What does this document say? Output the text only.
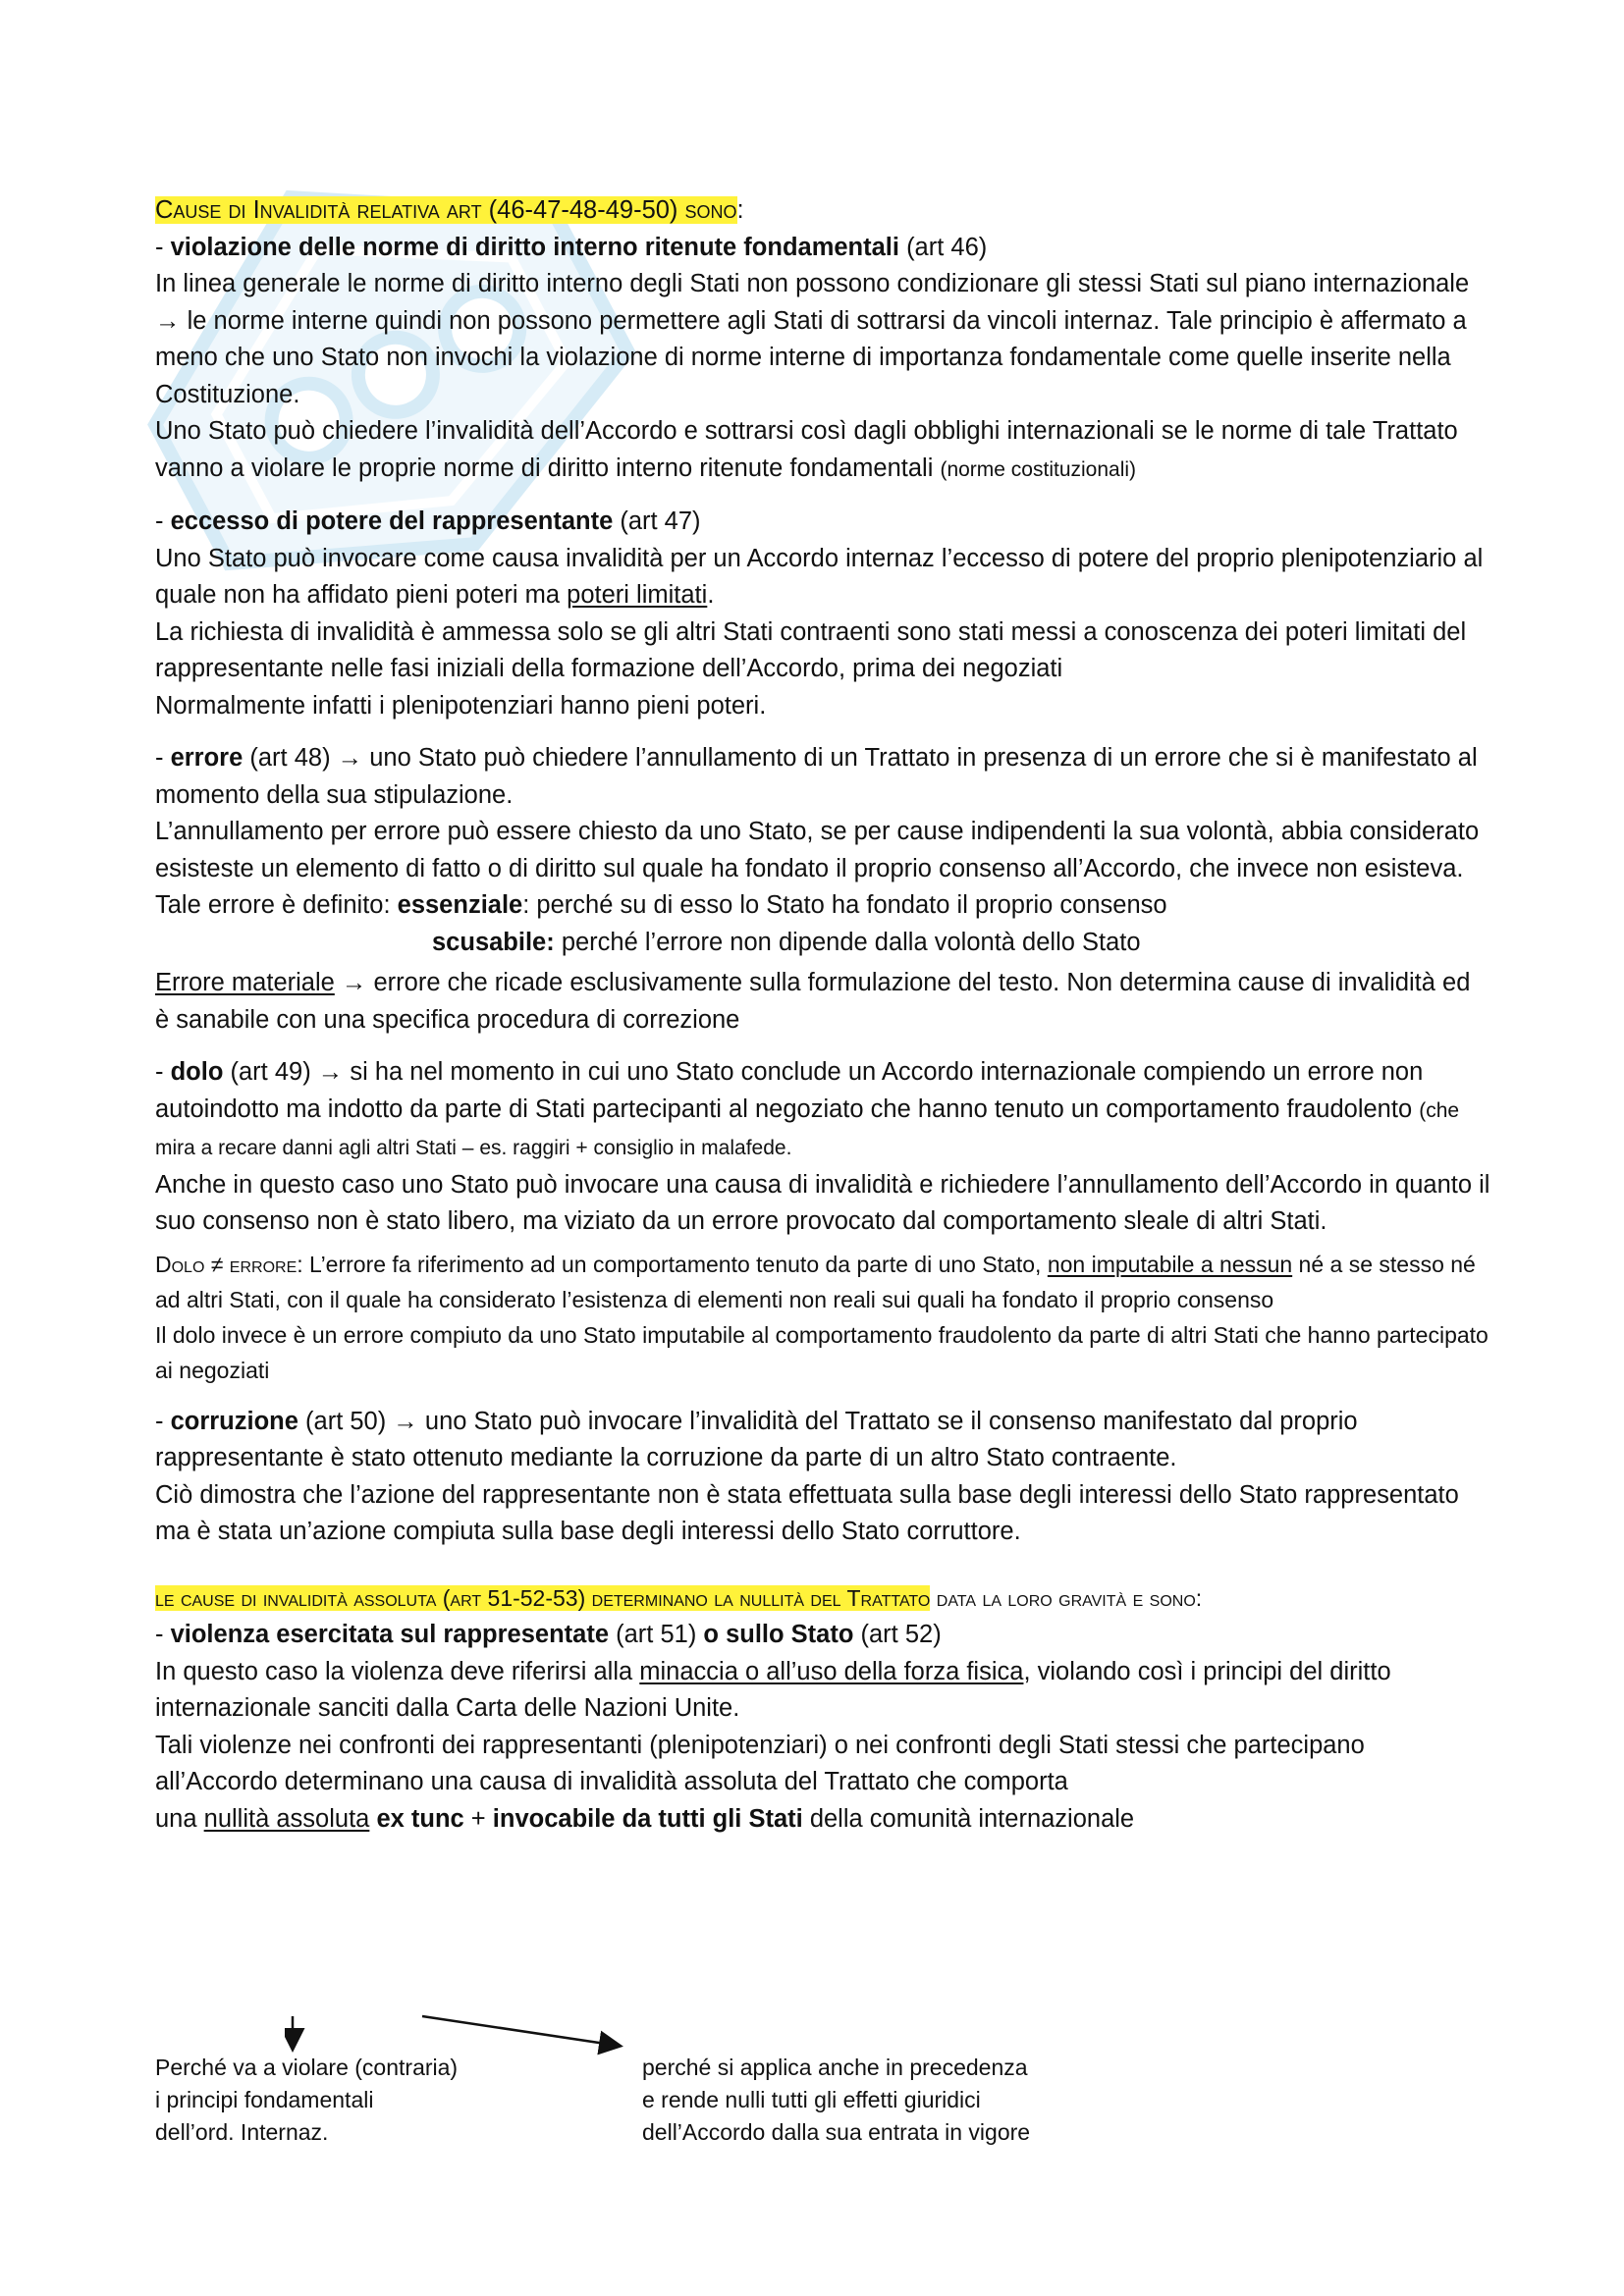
Cause di Invalidità relativa art (46-47-48-49-50) sono:

- violazione delle norme di diritto interno ritenute fondamentali (art 46)

In linea generale le norme di diritto interno degli Stati non possono condizionare gli stessi Stati sul piano internazionale → le norme interne quindi non possono permettere agli Stati di sottrarsi da vincoli internaz. Tale principio è affermato a meno che uno Stato non invochi la violazione di norme interne di importanza fondamentale come quelle inserite nella Costituzione.

Uno Stato può chiedere l’invalidità dell’Accordo e sottrarsi così dagli obblighi internazionali se le norme di tale Trattato vanno a violare le proprie norme di diritto interno ritenute fondamentali (norme costituzionali)

- eccesso di potere del rappresentante (art 47)

Uno Stato può invocare come causa invalidità per un Accordo internaz l’eccesso di potere del proprio plenipotenziario al quale non ha affidato pieni poteri ma poteri limitati.

La richiesta di invalidità è ammessa solo se gli altri Stati contraenti sono stati messi a conoscenza dei poteri limitati del rappresentante nelle fasi iniziali della formazione dell’Accordo, prima dei negoziati

Normalmente infatti i plenipotenziari hanno pieni poteri.

- errore (art 48) → uno Stato può chiedere l’annullamento di un Trattato in presenza di un errore che si è manifestato al momento della sua stipulazione.

L’annullamento per errore può essere chiesto da uno Stato, se per cause indipendenti la sua volontà, abbia considerato esisteste un elemento di fatto o di diritto sul quale ha fondato il proprio consenso all’Accordo, che invece non esisteva.

Tale errore è definito: essenziale: perché su di esso lo Stato ha fondato il proprio consenso

scusabile: perché l’errore non dipende dalla volontà dello Stato

Errore materiale → errore che ricade esclusivamente sulla formulazione del testo. Non determina cause di invalidità ed è sanabile con una specifica procedura di correzione

- dolo (art 49) → si ha nel momento in cui uno Stato conclude un Accordo internazionale compiendo un errore non autoindotto ma indotto da parte di Stati partecipanti al negoziato che hanno tenuto un comportamento fraudolento (che mira a recare danni agli altri Stati – es. raggiri + consiglio in malafede.

Anche in questo caso uno Stato può invocare una causa di invalidità e richiedere l’annullamento dell’Accordo in quanto il suo consenso non è stato libero, ma viziato da un errore provocato dal comportamento sleale di altri Stati.

Dolo ≠ errore: L’errore fa riferimento ad un comportamento tenuto da parte di uno Stato, non imputabile a nessun né a se stesso né ad altri Stati, con il quale ha considerato l’esistenza di elementi non reali sui quali ha fondato il proprio consenso

Il dolo invece è un errore compiuto da uno Stato imputabile al comportamento fraudolento da parte di altri Stati che hanno partecipato ai negoziati

- corruzione (art 50) → uno Stato può invocare l’invalidità del Trattato se il consenso manifestato dal proprio rappresentante è stato ottenuto mediante la corruzione da parte di un altro Stato contraente.

Ciò dimostra che l’azione del rappresentante non è stata effettuata sulla base degli interessi dello Stato rappresentato ma è stata un’azione compiuta sulla base degli interessi dello Stato corruttore.

le cause di invalidità assoluta (art 51-52-53) determinano la nullità del Trattato data la loro gravità e sono:

- violenza esercitata sul rappresentate (art 51) o sullo Stato (art 52)

In questo caso la violenza deve riferirsi alla minaccia o all’uso della forza fisica, violando così i principi del diritto internazionale sanciti dalla Carta delle Nazioni Unite.

Tali violenze nei confronti dei rappresentanti (plenipotenziari) o nei confronti degli Stati stessi che partecipano all’Accordo determinano una causa di invalidità assoluta del Trattato che comporta

una nullità assoluta ex tunc + invocabile da tutti gli Stati della comunità internazionale

Perché va a violare (contraria)

i principi fondamentali

dell’ord. Internaz.

perché si applica anche in precedenza

e rende nulli tutti gli effetti giuridici

dell’Accordo dalla sua entrata in vigore
